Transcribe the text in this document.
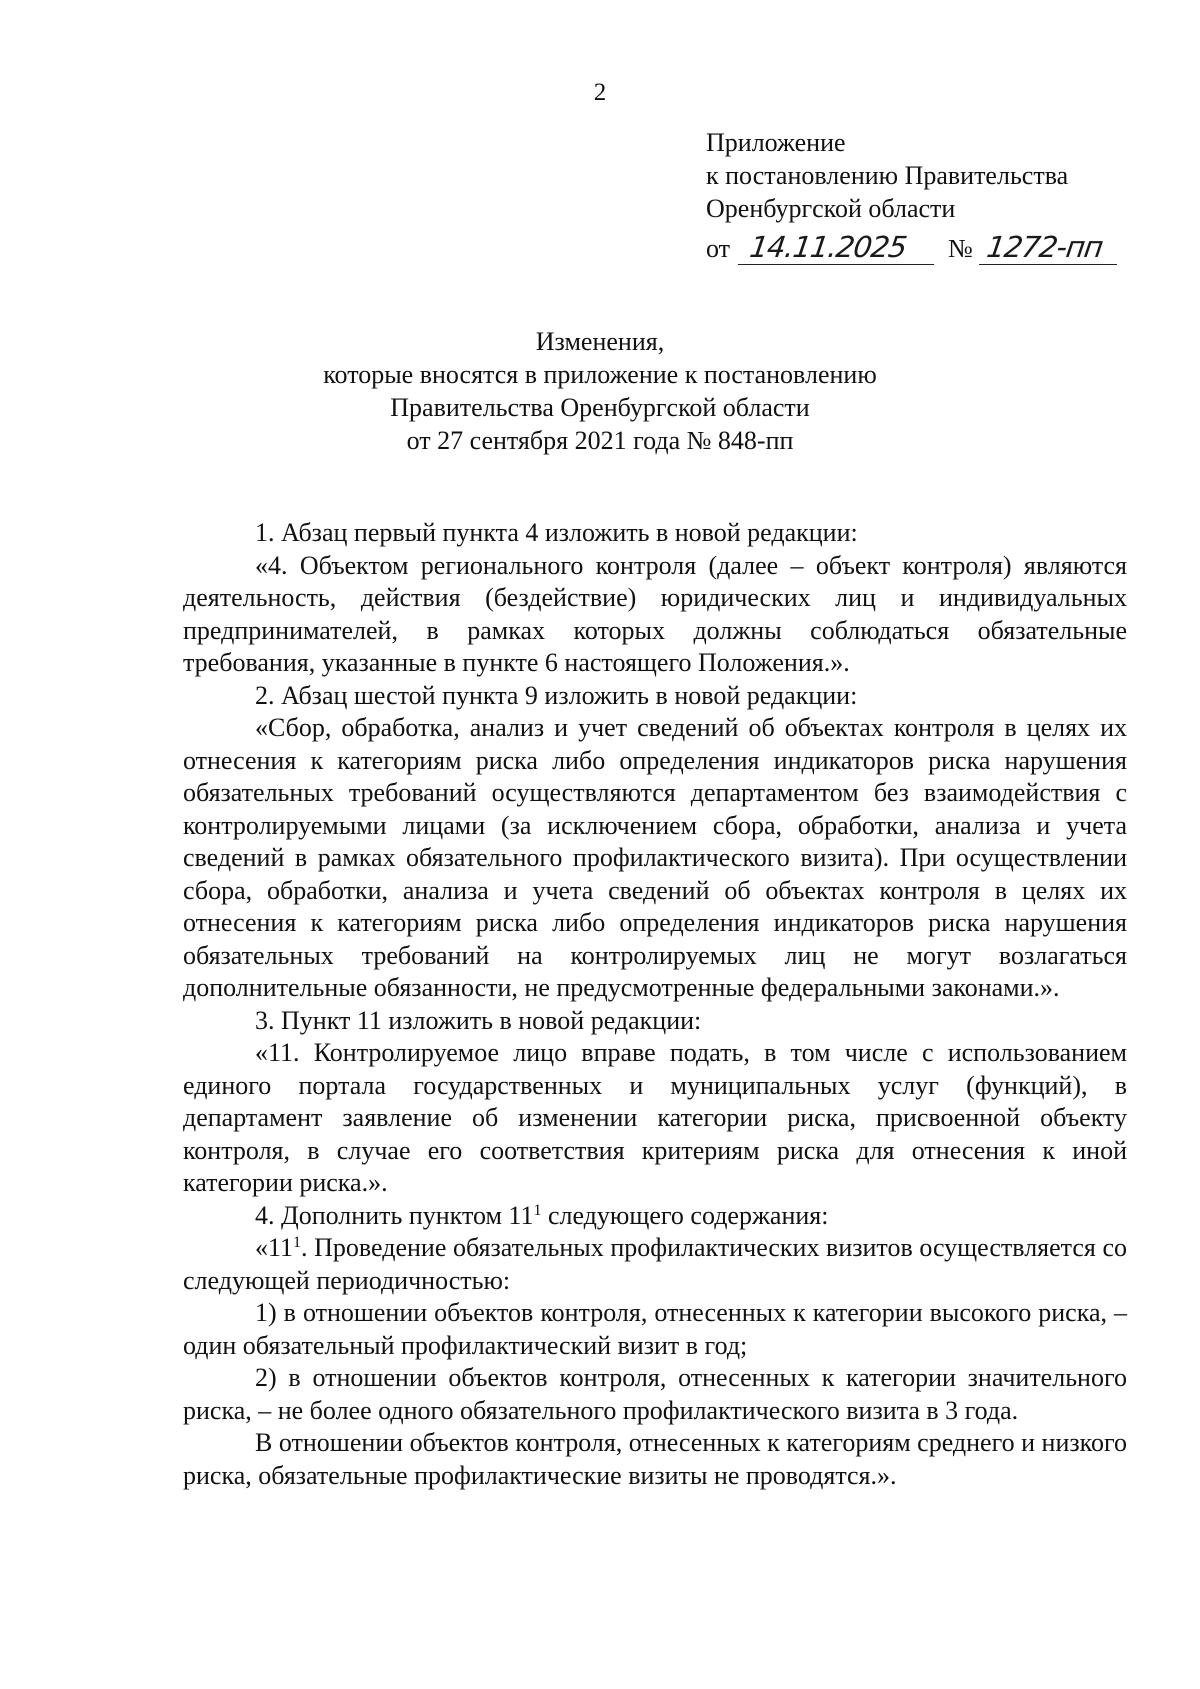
2
Приложение
к постановлению Правительства
Оренбургской области
от 14.11.2025 № 1272-пп
Изменения,
которые вносятся в приложение к постановлению
Правительства Оренбургской области
от 27 сентября 2021 года № 848-пп

1. Абзац первый пункта 4 изложить в новой редакции:

«4. Объектом регионального контроля (далее – объект контроля) являются деятельность, действия (бездействие) юридических лиц и индивидуальных предпринимателей, в рамках которых должны соблюдаться обязательные требования, указанные в пункте 6 настоящего Положения.».

2. Абзац шестой пункта 9 изложить в новой редакции:

«Сбор, обработка, анализ и учет сведений об объектах контроля в целях их отнесения к категориям риска либо определения индикаторов риска нарушения обязательных требований осуществляются департаментом без взаимодействия с контролируемыми лицами (за исключением сбора, обработки, анализа и учета сведений в рамках обязательного профилактического визита). При осуществлении сбора, обработки, анализа и учета сведений об объектах контроля в целях их отнесения к категориям риска либо определения индикаторов риска нарушения обязательных требований на контролируемых лиц не могут возлагаться дополнительные обязанности, не предусмотренные федеральными законами.».

3. Пункт 11 изложить в новой редакции:

«11. Контролируемое лицо вправе подать, в том числе с использованием единого портала государственных и муниципальных услуг (функций), в департамент заявление об изменении категории риска, присвоенной объекту контроля, в случае его соответствия критериям риска для отнесения к иной категории риска.».

4. Дополнить пунктом $11^1$ следующего содержания:

«$11^1$. Проведение обязательных профилактических визитов осуществляется со следующей периодичностью:

1) в отношении объектов контроля, отнесенных к категории высокого риска, – один обязательный профилактический визит в год;

2) в отношении объектов контроля, отнесенных к категории значительного риска, – не более одного обязательного профилактического визита в 3 года.

В отношении объектов контроля, отнесенных к категориям среднего и низкого риска, обязательные профилактические визиты не проводятся.».
